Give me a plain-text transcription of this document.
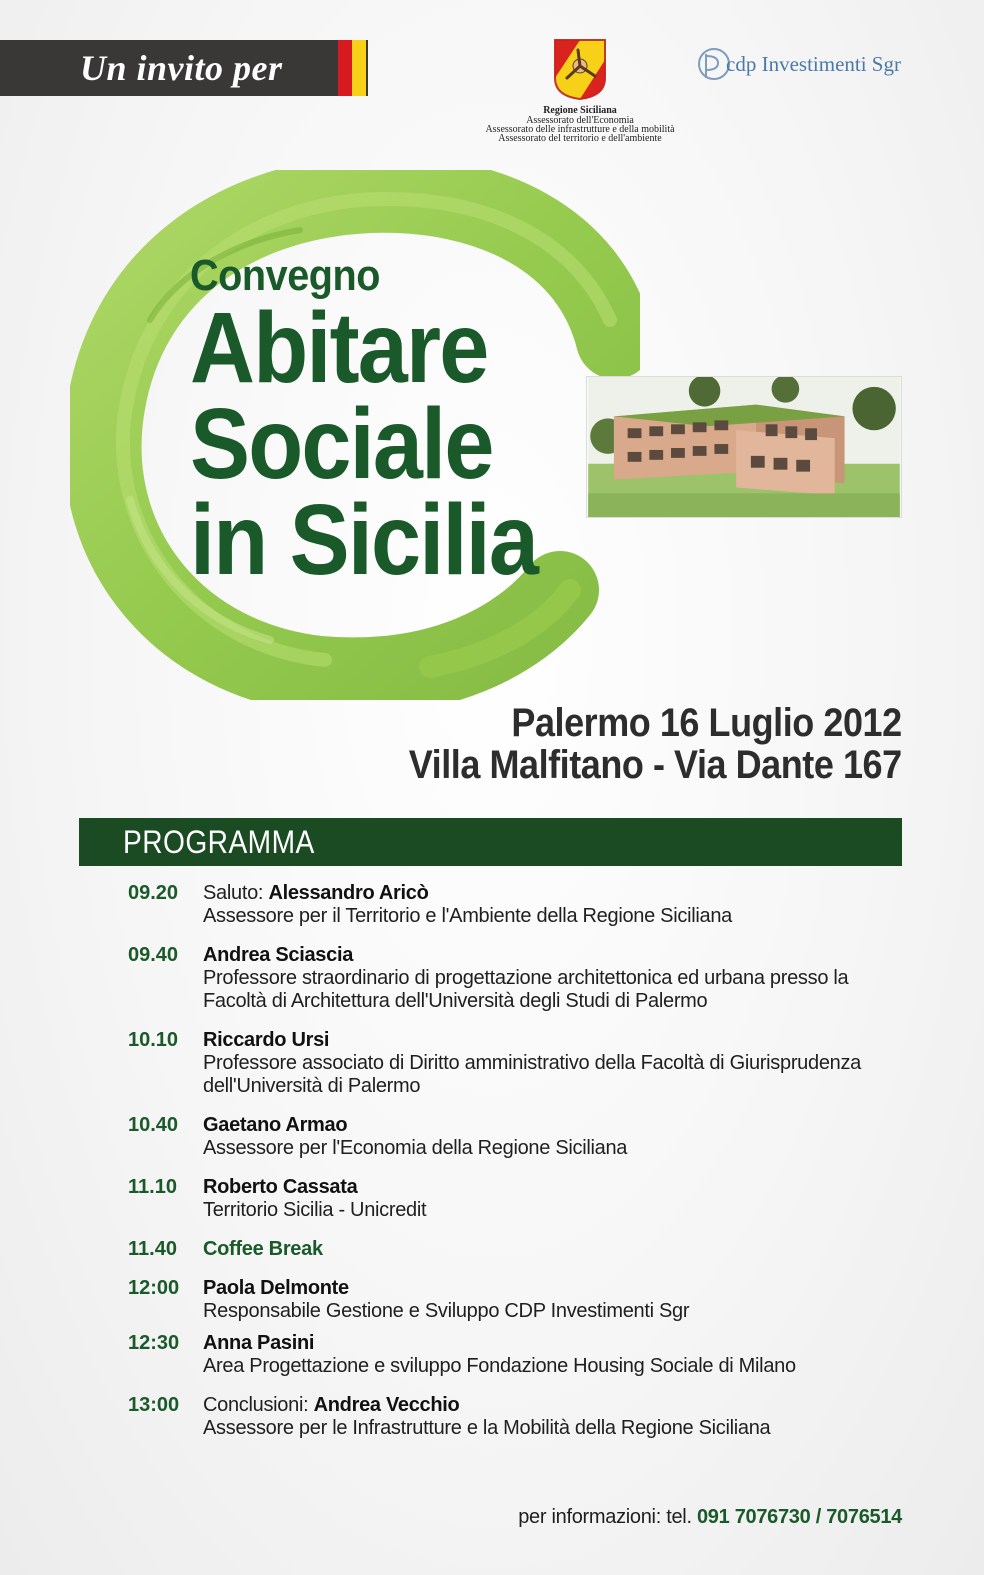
Un invito per
Regione Siciliana
Assessorato dell'Economia
Assessorato delle infrastrutture e della mobilità
Assessorato del territorio e dell'ambiente
cdp Investimenti Sgr
Convegno
Abitare
Sociale
in Sicilia
Palermo 16 Luglio 2012
Villa Malfitano - Via Dante 167
PROGRAMMA
09.20	Saluto: Alessandro Aricò
Assessore per il Territorio e l'Ambiente della Regione Siciliana
09.40	Andrea Sciascia
Professore straordinario di progettazione architettonica ed urbana presso la Facoltà di Architettura dell'Università degli Studi di Palermo
10.10	Riccardo Ursi
Professore associato di Diritto amministrativo della Facoltà di Giurisprudenza dell'Università di Palermo
10.40	Gaetano Armao
Assessore per l'Economia della Regione Siciliana
11.10	Roberto Cassata
Territorio Sicilia - Unicredit
11.40	Coffee Break
12:00	Paola Delmonte
Responsabile Gestione e Sviluppo CDP Investimenti Sgr
12:30	Anna Pasini
Area Progettazione e sviluppo Fondazione Housing Sociale di Milano
13:00	Conclusioni: Andrea Vecchio
Assessore per le Infrastrutture e la Mobilità della Regione Siciliana
per informazioni: tel. 091 7076730 / 7076514
